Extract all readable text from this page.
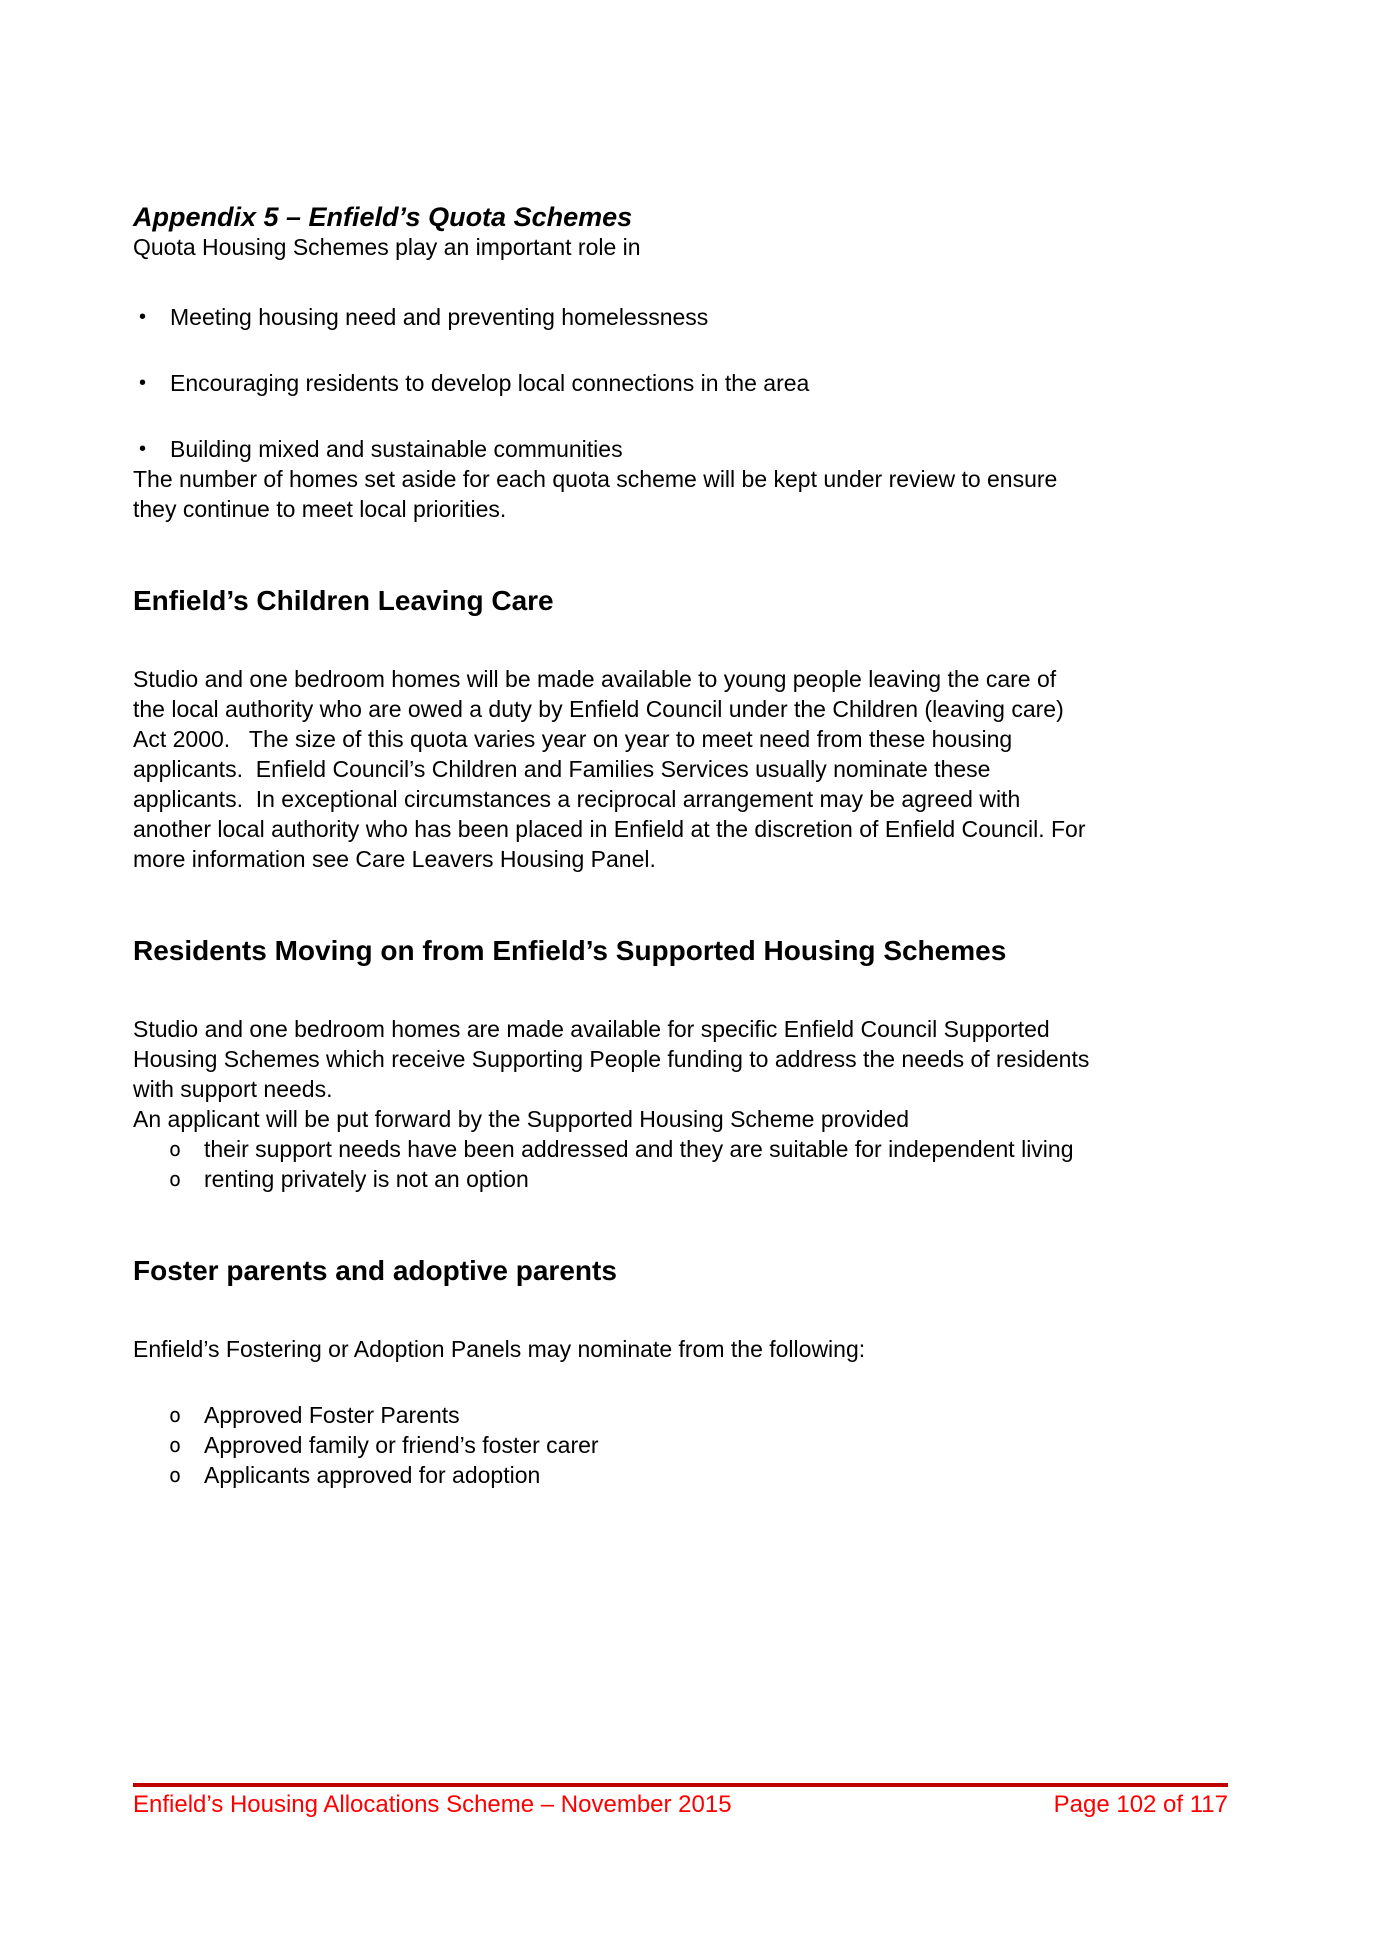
Appendix 5 – Enfield’s Quota Schemes

Quota Housing Schemes play an important role in

•	Meeting housing need and preventing homelessness
•	Encouraging residents to develop local connections in the area
•	Building mixed and sustainable communities

The number of homes set aside for each quota scheme will be kept under review to ensure they continue to meet local priorities.

Enfield’s Children Leaving Care

Studio and one bedroom homes will be made available to young people leaving the care of the local authority who are owed a duty by Enfield Council under the Children (leaving care) Act 2000.   The size of this quota varies year on year to meet need from these housing applicants.  Enfield Council’s Children and Families Services usually nominate these applicants.  In exceptional circumstances a reciprocal arrangement may be agreed with another local authority who has been placed in Enfield at the discretion of Enfield Council. For more information see Care Leavers Housing Panel.

Residents Moving on from Enfield’s Supported Housing Schemes

Studio and one bedroom homes are made available for specific Enfield Council Supported Housing Schemes which receive Supporting People funding to address the needs of residents with support needs.

An applicant will be put forward by the Supported Housing Scheme provided

o their support needs have been addressed and they are suitable for independent living
o renting privately is not an option
Foster parents and adoptive parents

Enfield’s Fostering or Adoption Panels may nominate from the following:

o Approved Foster Parents
o Approved family or friend’s foster carer
o Applicants approved for adoption
Enfield’s Housing Allocations Scheme – November 2015	Page 102 of 117
